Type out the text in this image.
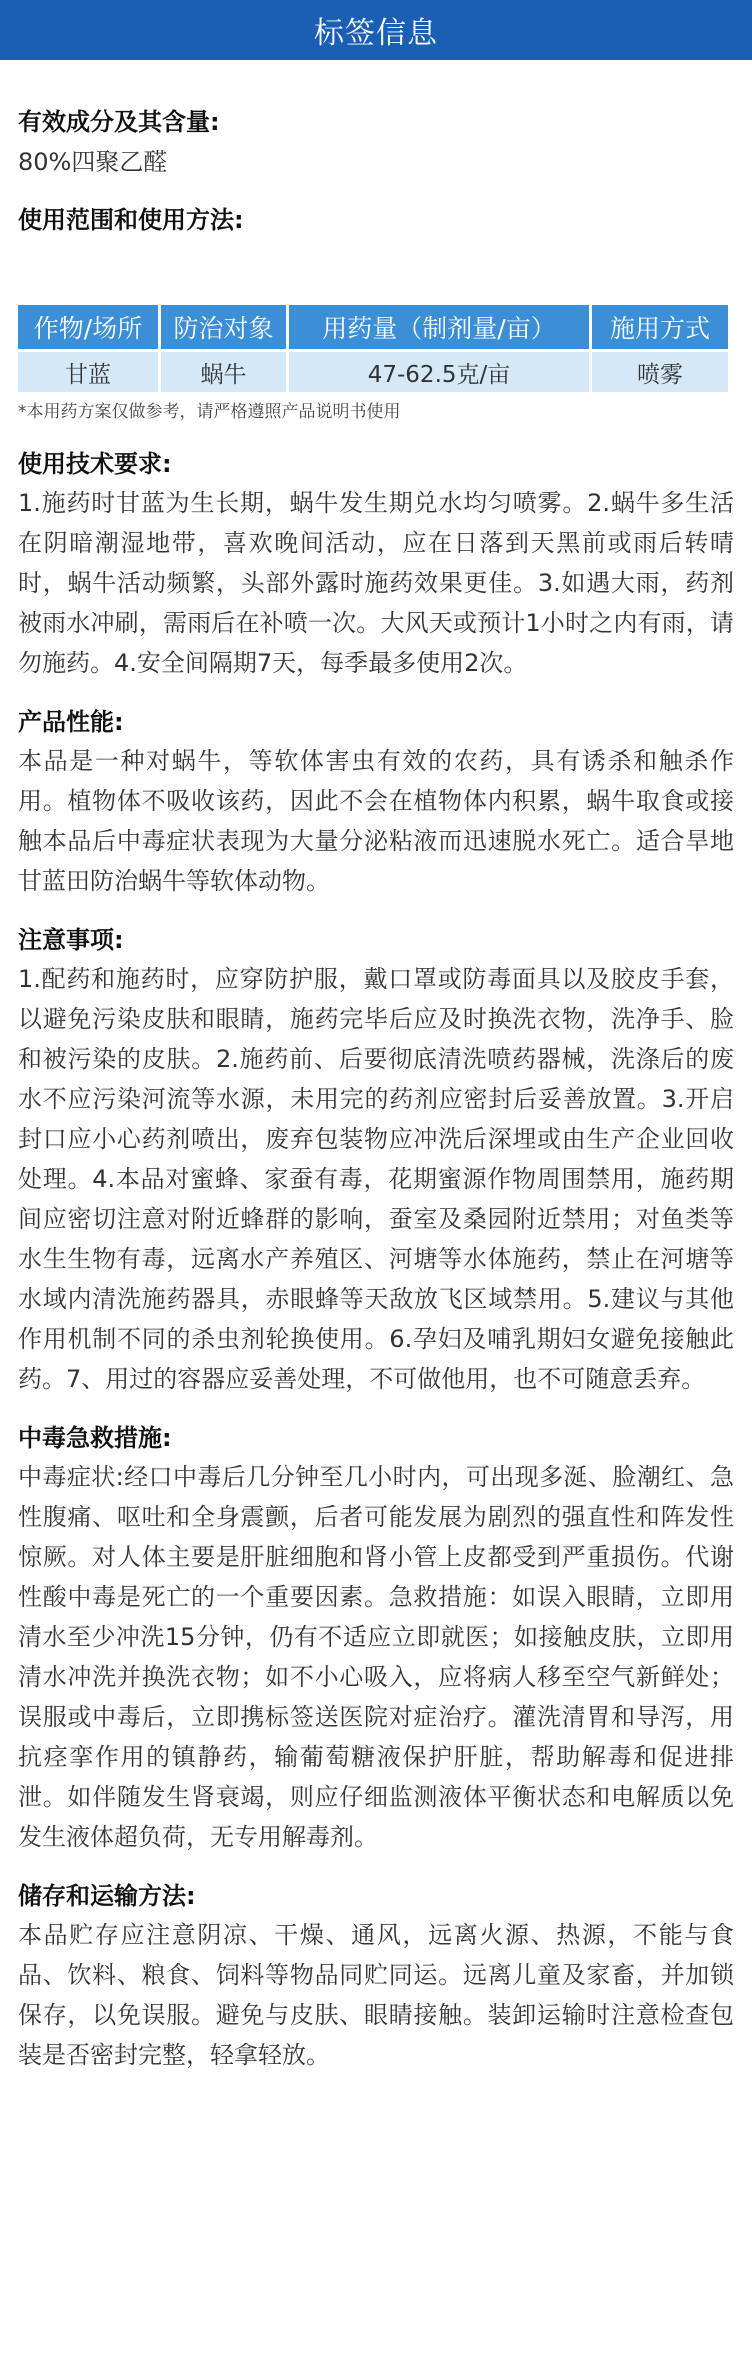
标签信息
有效成分及其含量:
80%四聚乙醛
使用范围和使用方法:
作物/场所	防治对象	用药量（制剂量/亩）	施用方式
甘蓝	蜗牛	47-62.5克/亩	喷雾
*本用药方案仅做参考，请严格遵照产品说明书使用
使用技术要求:
1.施药时甘蓝为生长期，蜗牛发生期兑水均匀喷雾。2.蜗牛多生活在阴暗潮湿地带，喜欢晚间活动，应在日落到天黑前或雨后转晴时，蜗牛活动频繁，头部外露时施药效果更佳。3.如遇大雨，药剂被雨水冲刷，需雨后在补喷一次。大风天或预计1小时之内有雨，请勿施药。4.安全间隔期7天，每季最多使用2次。
产品性能:
本品是一种对蜗牛，等软体害虫有效的农药，具有诱杀和触杀作用。植物体不吸收该药，因此不会在植物体内积累，蜗牛取食或接触本品后中毒症状表现为大量分泌粘液而迅速脱水死亡。适合旱地甘蓝田防治蜗牛等软体动物。
注意事项:
1.配药和施药时，应穿防护服，戴口罩或防毒面具以及胶皮手套，以避免污染皮肤和眼睛，施药完毕后应及时换洗衣物，洗净手、脸和被污染的皮肤。2.施药前、后要彻底清洗喷药器械，洗涤后的废水不应污染河流等水源，未用完的药剂应密封后妥善放置。3.开启封口应小心药剂喷出，废弃包装物应冲洗后深埋或由生产企业回收处理。4.本品对蜜蜂、家蚕有毒，花期蜜源作物周围禁用，施药期间应密切注意对附近蜂群的影响，蚕室及桑园附近禁用；对鱼类等水生生物有毒，远离水产养殖区、河塘等水体施药，禁止在河塘等水域内清洗施药器具，赤眼蜂等天敌放飞区域禁用。5.建议与其他作用机制不同的杀虫剂轮换使用。6.孕妇及哺乳期妇女避免接触此药。7、用过的容器应妥善处理，不可做他用，也不可随意丢弃。
中毒急救措施:
中毒症状:经口中毒后几分钟至几小时内，可出现多涎、脸潮红、急性腹痛、呕吐和全身震颤，后者可能发展为剧烈的强直性和阵发性惊厥。对人体主要是肝脏细胞和肾小管上皮都受到严重损伤。代谢性酸中毒是死亡的一个重要因素。急救措施：如误入眼睛，立即用清水至少冲洗15分钟，仍有不适应立即就医；如接触皮肤，立即用清水冲洗并换洗衣物；如不小心吸入，应将病人移至空气新鲜处；误服或中毒后，立即携标签送医院对症治疗。灌洗清胃和导泻，用抗痉挛作用的镇静药，输葡萄糖液保护肝脏，帮助解毒和促进排泄。如伴随发生肾衰竭，则应仔细监测液体平衡状态和电解质以免发生液体超负荷，无专用解毒剂。
储存和运输方法:
本品贮存应注意阴凉、干燥、通风，远离火源、热源，不能与食品、饮料、粮食、饲料等物品同贮同运。远离儿童及家畜，并加锁保存，以免误服。避免与皮肤、眼睛接触。装卸运输时注意检查包装是否密封完整，轻拿轻放。
